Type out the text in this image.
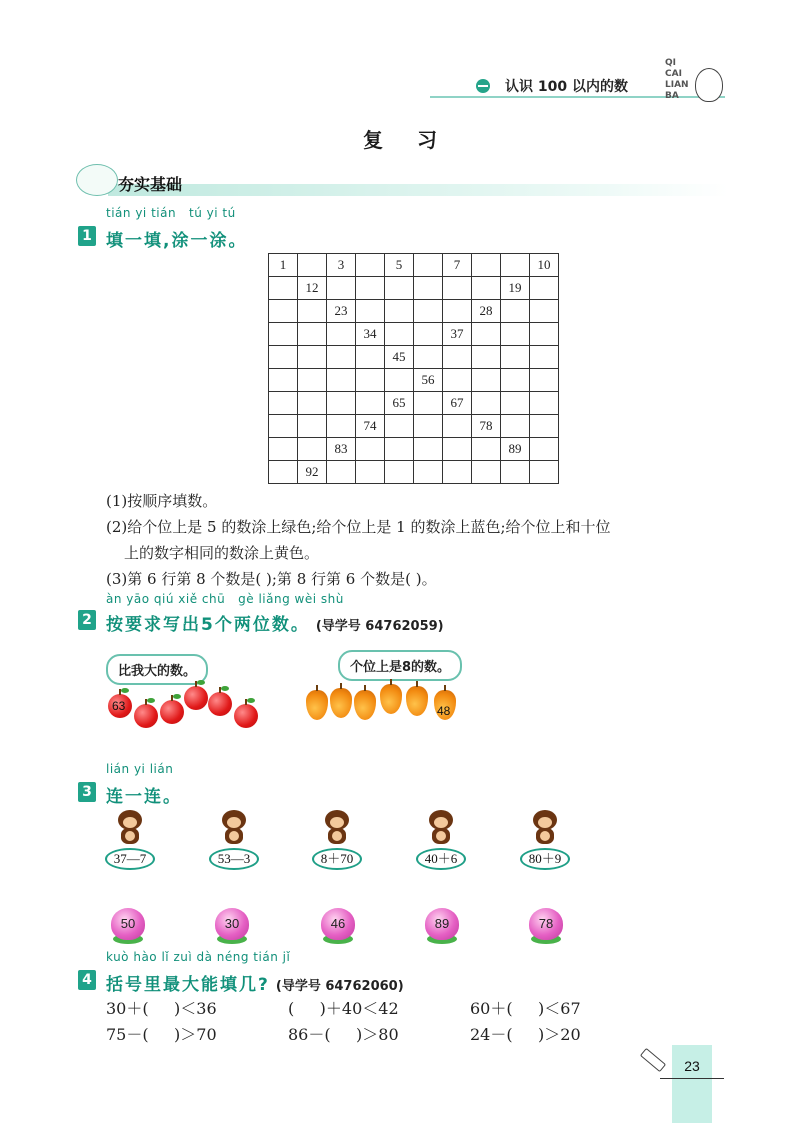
认识 100 以内的数
QI
CAI
LIAN
BA
复习
夯实基础
tián yi tián   tú yi tú
1 填一填,涂一涂。
1		3		5		7			10
	12							19	
		23					28		
			34			37			
				45					
					56				
				65		67			
			74				78		
		83						89	
	92								
(1)按顺序填数。
(2)给个位上是 5 的数涂上绿色;给个位上是 1 的数涂上蓝色;给个位上和十位
上的数字相同的数涂上黄色。
(3)第 6 行第 8 个数是( );第 8 行第 6 个数是( )。
àn yāo qiú xiě chū   gè liǎng wèi shù
2 按要求写出5个两位数。 (导学号 64762059)
比我大的数。	个位上是8的数。
63	48
lián yi lián
3 连一连。
37—7	53—3	8＋70	40＋6	80＋9
50	30	46	89	78
kuò hào lǐ zuì dà néng tián jǐ
4 括号里最大能填几? (导学号 64762060)
30＋(     )＜36	(     )＋40＜42	60＋(     )＜67
75－(     )＞70	86－(     )＞80	24－(     )＞20
23
